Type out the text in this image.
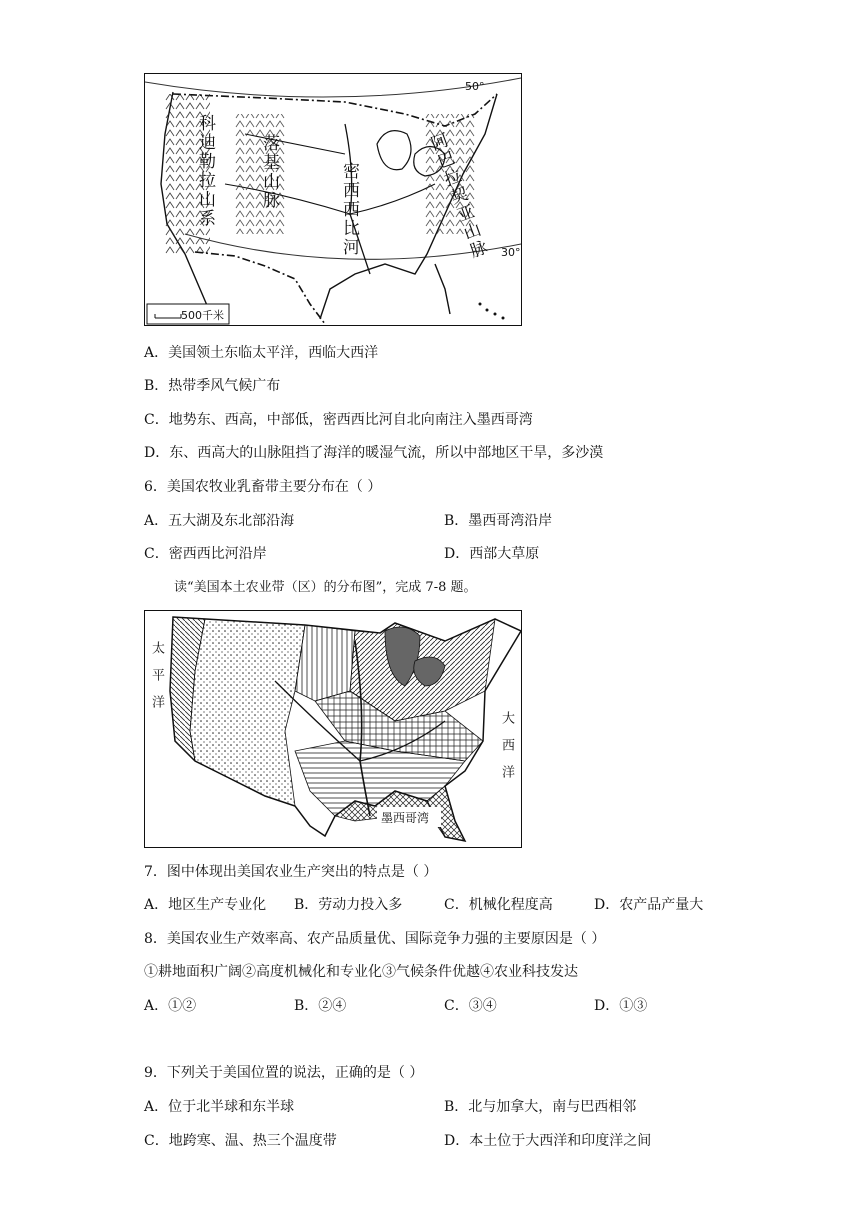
科迪勒拉山系	落基山脉	密西西比河	阿巴拉契亚山脉
50°
30°
500千米
A．美国领土东临太平洋，西临大西洋
B．热带季风气候广布
C．地势东、西高，中部低，密西西比河自北向南注入墨西哥湾
D．东、西高大的山脉阻挡了海洋的暖湿气流，所以中部地区干旱，多沙漠
6．美国农牧业乳畜带主要分布在（ ）
A．五大湖及东北部沿海	B．墨西哥湾沿岸
C．密西西比河沿岸	D．西部大草原
读“美国本土农业带（区）的分布图”，完成 7-8 题。
太平洋
大西洋
墨西哥湾
7．图中体现出美国农业生产突出的特点是（ ）
A．地区生产专业化 B．劳动力投入多	C．机械化程度高	D．农产品产量大
8．美国农业生产效率高、农产品质量优、国际竞争力强的主要原因是（ ）
①耕地面积广阔②高度机械化和专业化③气候条件优越④农业科技发达
A．①②	B．②④	C．③④	D．①③
9．下列关于美国位置的说法，正确的是（ ）
A．位于北半球和东半球	B．北与加拿大，南与巴西相邻
C．地跨寒、温、热三个温度带	D．本土位于大西洋和印度洋之间
